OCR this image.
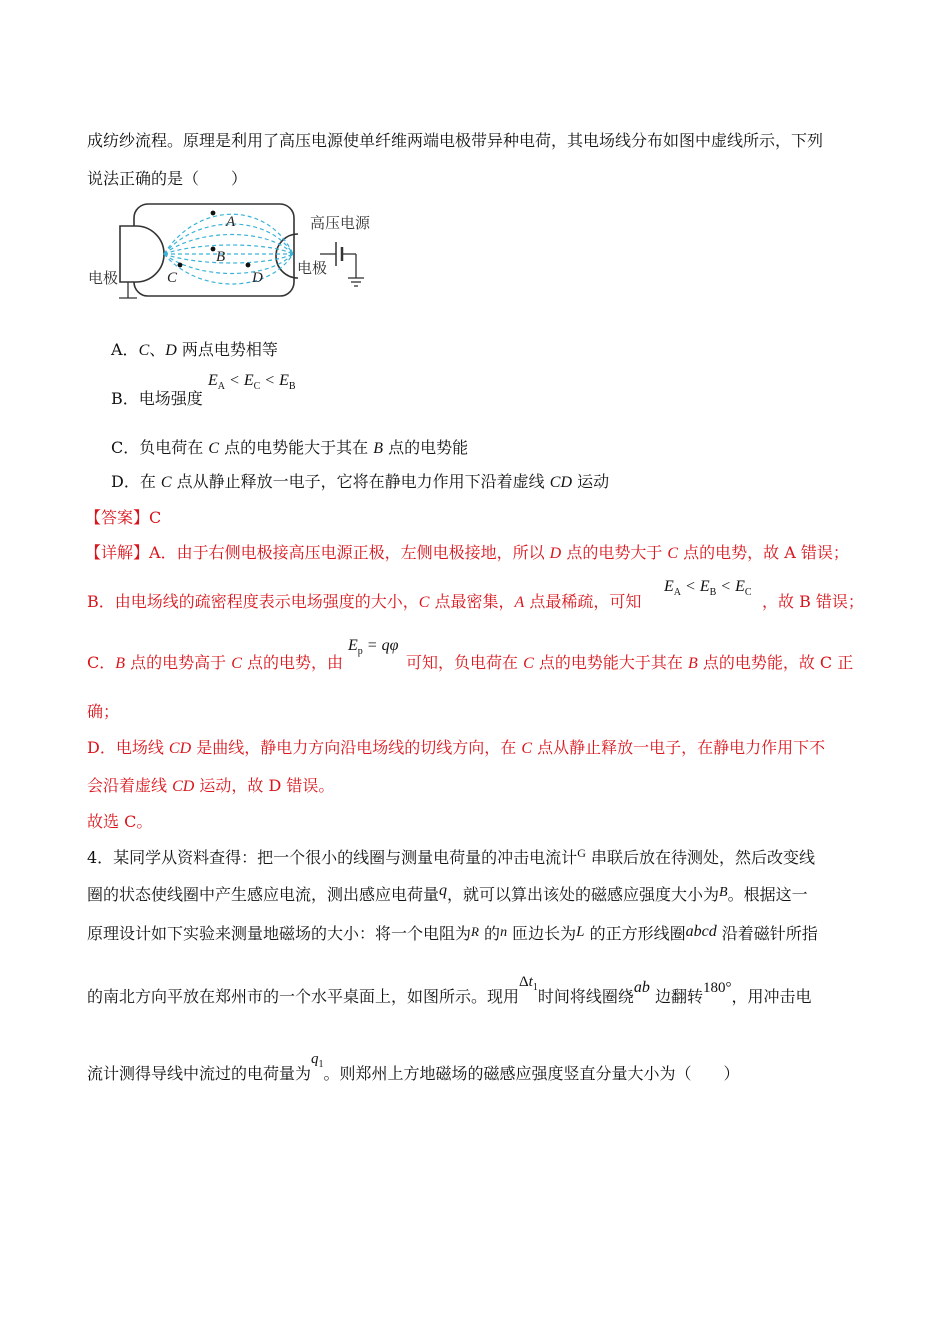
成纺纱流程。原理是利用了高压电源使单纤维两端电极带异种电荷，其电场线分布如图中虚线所示，下列
说法正确的是（　　）
A
B
C	D
电极
电极
高压电源
A．C、D 两点电势相等
B．电场强度
$E_A < E_C < E_B$
C．负电荷在 C 点的电势能大于其在 B 点的电势能
D．在 C 点从静止释放一电子，它将在静电力作用下沿着虚线 CD 运动
【答案】C
【详解】A．由于右侧电极接高压电源正极，左侧电极接地，所以 D 点的电势大于 C 点的电势，故 A 错误；
B．由电场线的疏密程度表示电场强度的大小，C 点最密集，A 点最稀疏，可知
$E_A < E_B < E_C$ ，故 B 错误；
C．B 点的电势高于 C 点的电势，由
$E_p = q\varphi$
可知，负电荷在 C 点的电势能大于其在 B 点的电势能，故 C 正
确；
D．电场线 CD 是曲线，静电力方向沿电场线的切线方向，在 C 点从静止释放一电子，在静电力作用下不
会沿着虚线 CD 运动，故 D 错误。
故选 C。
4．某同学从资料查得：把一个很小的线圈与测量电荷量的冲击电流计$^G$ 串联后放在待测处，然后改变线
圈的状态使线圈中产生感应电流，测出感应电荷量q，就可以算出该处的磁感应强度大小为B。根据这一
原理设计如下实验来测量地磁场的大小：将一个电阻为R 的n 匝边长为L 的正方形线圈abcd 沿着磁针所指
的南北方向平放在郑州市的一个水平桌面上，如图所示。现用$\Delta t_1$时间将线圈绕ab 边翻转180°，用冲击电
流计测得导线中流过的电荷量为$q_1$。则郑州上方地磁场的磁感应强度竖直分量大小为（　　）
